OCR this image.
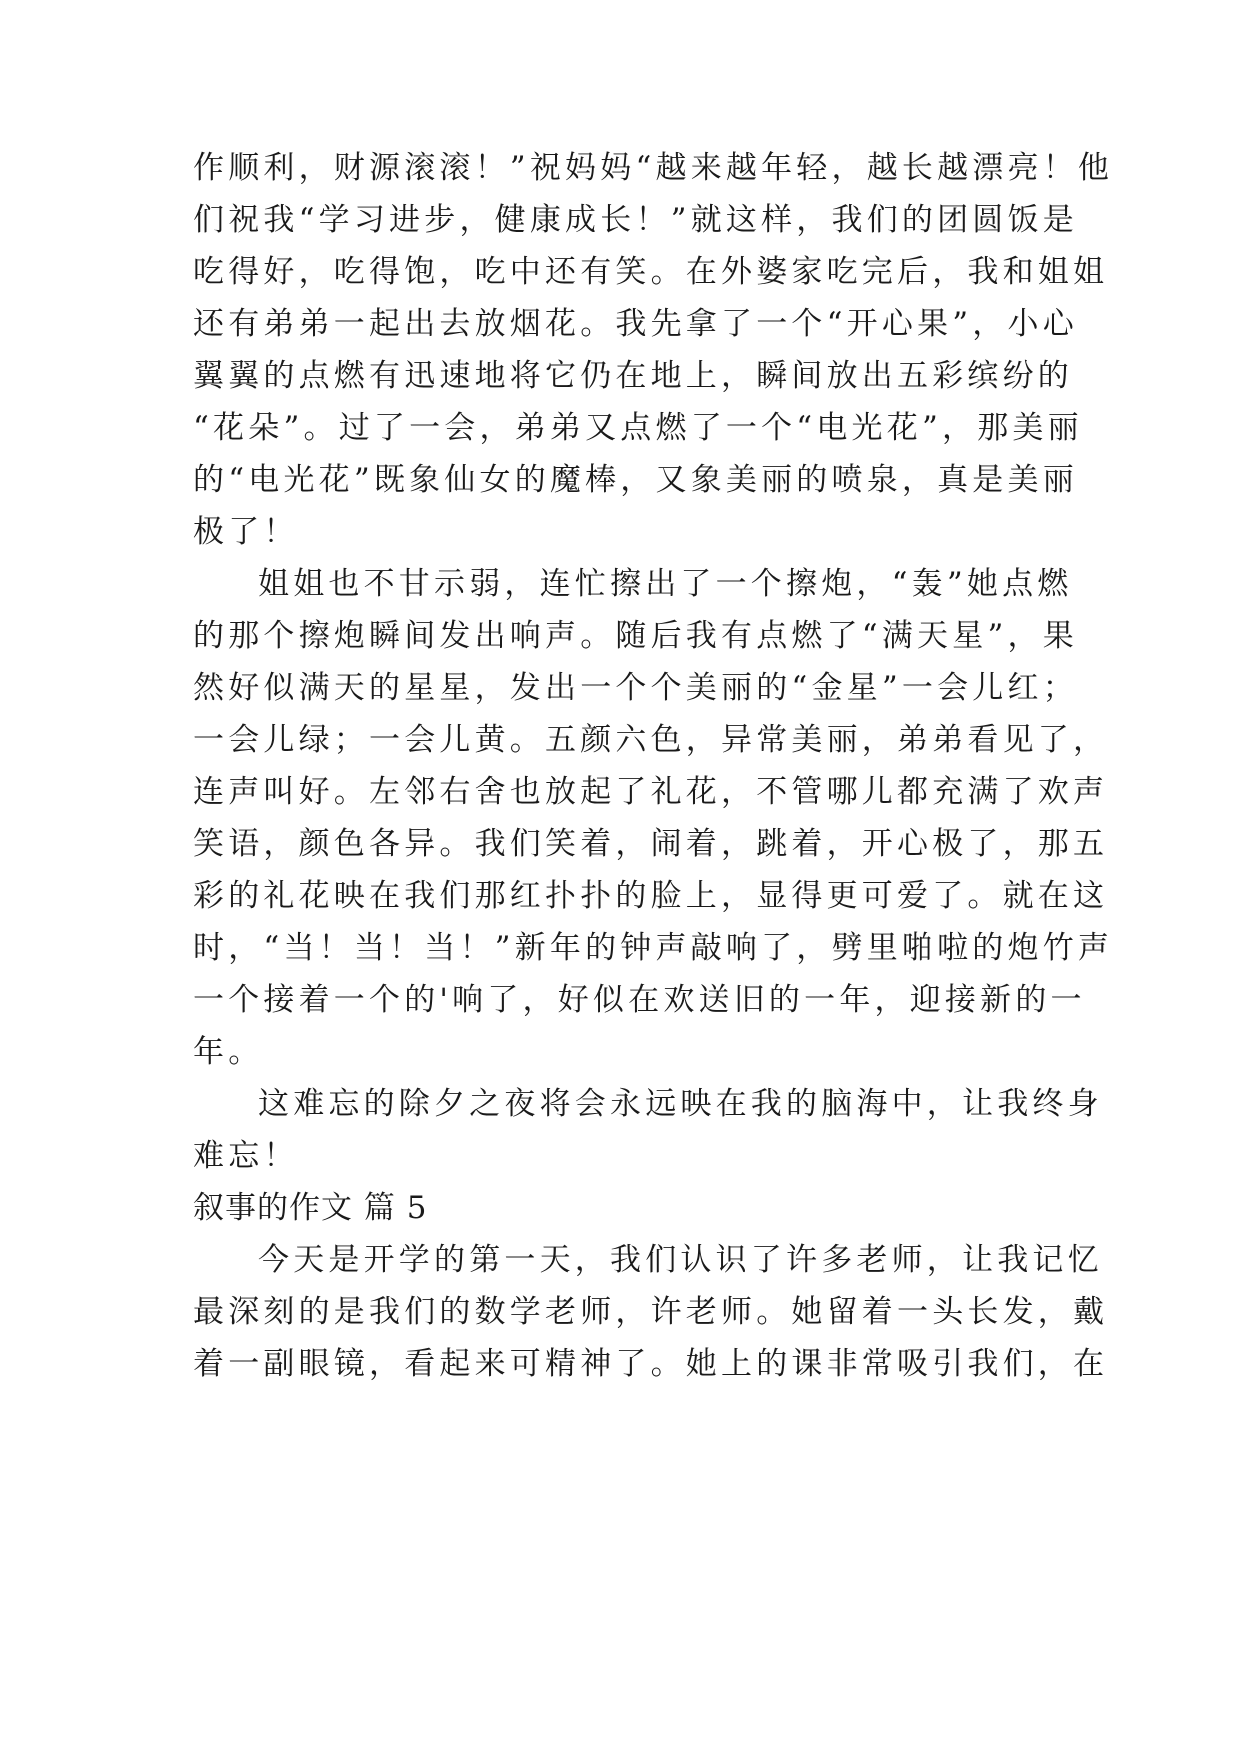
作顺利，财源滚滚！”祝妈妈“越来越年轻，越长越漂亮！他
们祝我“学习进步，健康成长！”就这样，我们的团圆饭是
吃得好，吃得饱，吃中还有笑。在外婆家吃完后，我和姐姐
还有弟弟一起出去放烟花。我先拿了一个“开心果”，小心
翼翼的点燃有迅速地将它仍在地上，瞬间放出五彩缤纷的
“花朵”。过了一会，弟弟又点燃了一个“电光花”，那美丽
的“电光花”既象仙女的魔棒，又象美丽的喷泉，真是美丽
极了！
姐姐也不甘示弱，连忙擦出了一个擦炮，“轰”她点燃
的那个擦炮瞬间发出响声。随后我有点燃了“满天星”，果
然好似满天的星星，发出一个个美丽的“金星”一会儿红；
一会儿绿；一会儿黄。五颜六色，异常美丽，弟弟看见了，
连声叫好。左邻右舍也放起了礼花，不管哪儿都充满了欢声
笑语，颜色各异。我们笑着，闹着，跳着，开心极了，那五
彩的礼花映在我们那红扑扑的脸上，显得更可爱了。就在这
时，“当！当！当！”新年的钟声敲响了，劈里啪啦的炮竹声
一个接着一个的'响了，好似在欢送旧的一年，迎接新的一
年。
这难忘的除夕之夜将会永远映在我的脑海中，让我终身
难忘！
叙事的作文 篇 5
今天是开学的第一天，我们认识了许多老师，让我记忆
最深刻的是我们的数学老师，许老师。她留着一头长发，戴
着一副眼镜，看起来可精神了。她上的课非常吸引我们，在
